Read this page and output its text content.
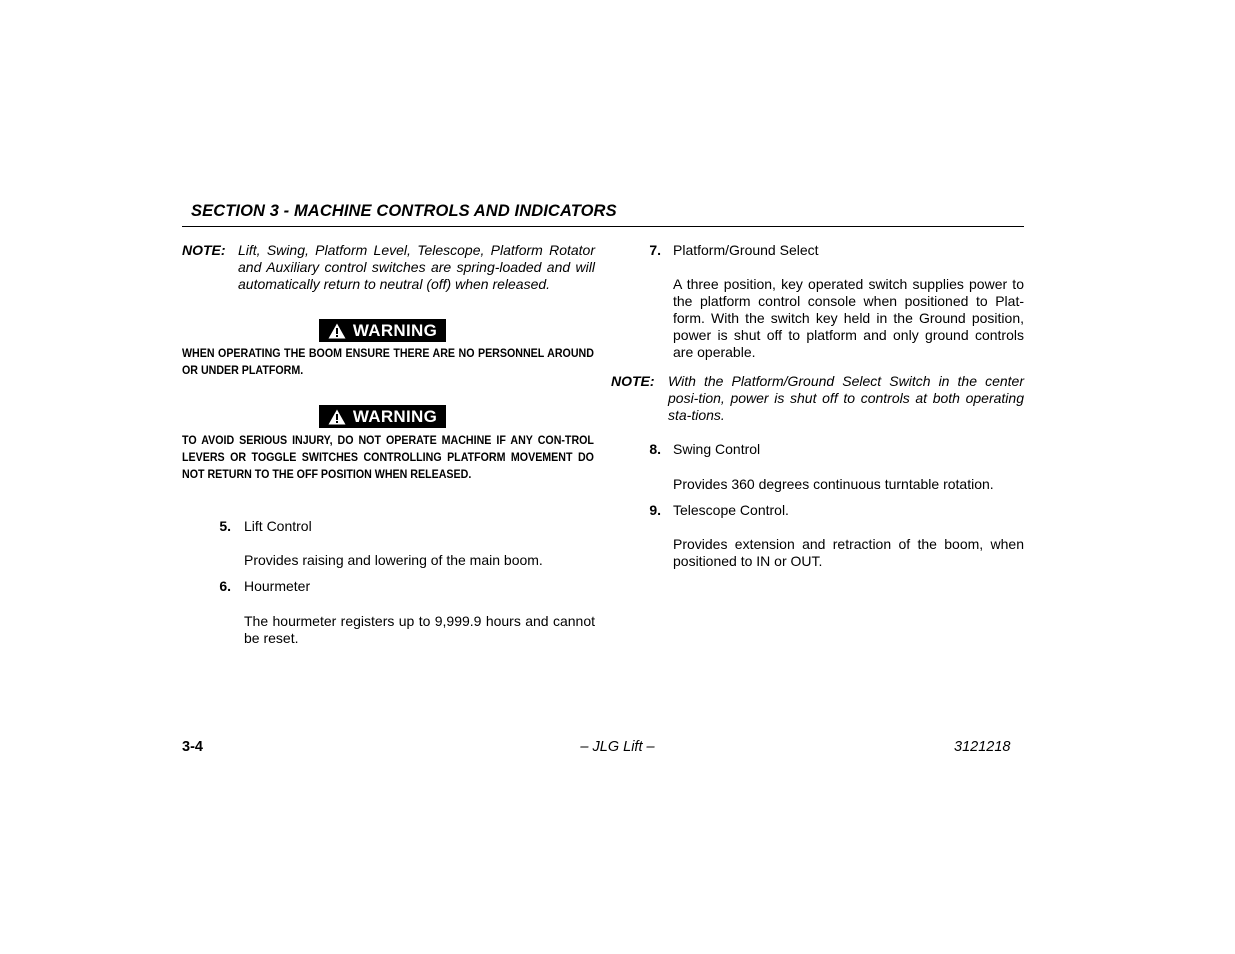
SECTION 3 - MACHINE CONTROLS AND INDICATORS
NOTE: Lift, Swing, Platform Level, Telescope, Platform Rotator and Auxiliary control switches are spring-loaded and will automatically return to neutral (off) when released.
WARNING
WHEN OPERATING THE BOOM ENSURE THERE ARE NO PERSONNEL AROUND OR UNDER PLATFORM.
WARNING
TO AVOID SERIOUS INJURY, DO NOT OPERATE MACHINE IF ANY CON-TROL LEVERS OR TOGGLE SWITCHES CONTROLLING PLATFORM MOVEMENT DO NOT RETURN TO THE OFF POSITION WHEN RELEASED.
5. Lift Control
Provides raising and lowering of the main boom.
6. Hourmeter
The hourmeter registers up to 9,999.9 hours and cannot be reset.
7. Platform/Ground Select
A three position, key operated switch supplies power to the platform control console when positioned to Plat-form. With the switch key held in the Ground position, power is shut off to platform and only ground controls are operable.
NOTE: With the Platform/Ground Select Switch in the center posi-tion, power is shut off to controls at both operating sta-tions.
8. Swing Control
Provides 360 degrees continuous turntable rotation.
9. Telescope Control.
Provides extension and retraction of the boom, when positioned to IN or OUT.
3-4	– JLG Lift –	3121218
